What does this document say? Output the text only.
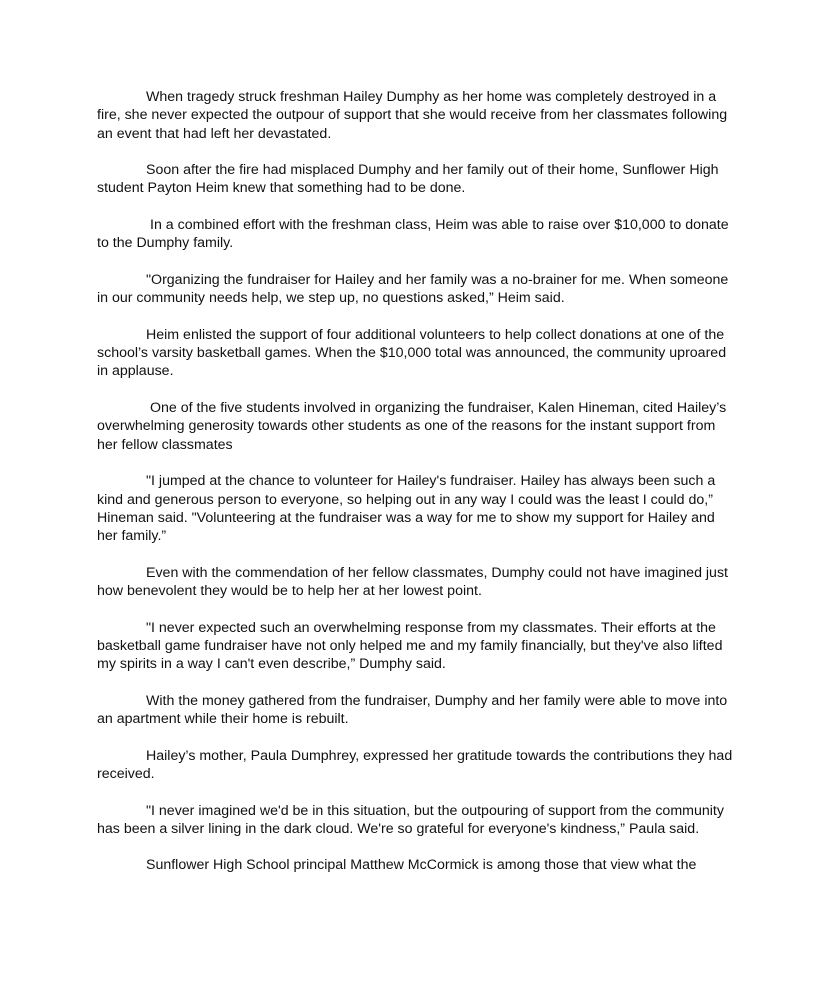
When tragedy struck freshman Hailey Dumphy as her home was completely destroyed in a fire, she never expected the outpour of support that she would receive from her classmates following an event that had left her devastated.

Soon after the fire had misplaced Dumphy and her family out of their home, Sunflower High student Payton Heim knew that something had to be done.

In a combined effort with the freshman class, Heim was able to raise over $10,000 to donate to the Dumphy family.

"Organizing the fundraiser for Hailey and her family was a no-brainer for me. When someone in our community needs help, we step up, no questions asked,” Heim said.

Heim enlisted the support of four additional volunteers to help collect donations at one of the school’s varsity basketball games. When the $10,000 total was announced, the community uproared in applause.

One of the five students involved in organizing the fundraiser, Kalen Hineman, cited Hailey’s overwhelming generosity towards other students as one of the reasons for the instant support from her fellow classmates

"I jumped at the chance to volunteer for Hailey's fundraiser. Hailey has always been such a kind and generous person to everyone, so helping out in any way I could was the least I could do,” Hineman said. "Volunteering at the fundraiser was a way for me to show my support for Hailey and her family.”

Even with the commendation of her fellow classmates, Dumphy could not have imagined just how benevolent they would be to help her at her lowest point.

"I never expected such an overwhelming response from my classmates. Their efforts at the basketball game fundraiser have not only helped me and my family financially, but they've also lifted my spirits in a way I can't even describe,” Dumphy said.

With the money gathered from the fundraiser, Dumphy and her family were able to move into an apartment while their home is rebuilt.

Hailey’s mother, Paula Dumphrey, expressed her gratitude towards the contributions they had received.

"I never imagined we'd be in this situation, but the outpouring of support from the community has been a silver lining in the dark cloud. We're so grateful for everyone's kindness,” Paula said.

Sunflower High School principal Matthew McCormick is among those that view what the
